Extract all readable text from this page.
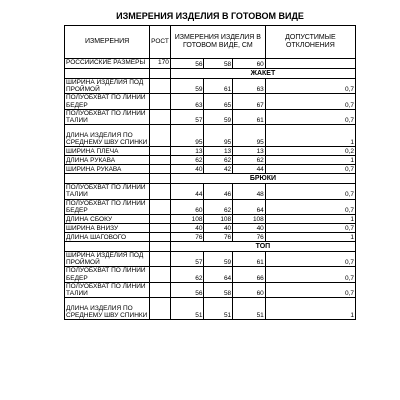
ИЗМЕРЕНИЯ ИЗДЕЛИЯ В ГОТОВОМ ВИДЕ
ИЗМЕРЕНИЯ	РОСТ	ИЗМЕРЕНИЯ ИЗДЕЛИЯ В ГОТОВОМ ВИДЕ, СМ			ДОПУСТИМЫЕ ОТКЛОНЕНИЯ
РОССИЙСКИЕ РАЗМЕРЫ	170	56	58	60	
		ЖАКЕТ			
ШИРИНА ИЗДЕЛИЯ ПОД ПРОЙМОЙ		59	61	63	0,7
ПОЛУОБХВАТ ПО ЛИНИИ БЕДЕР		63	65	67	0,7
ПОЛУОБХВАТ ПО ЛИНИИ ТАЛИИ		57	59	61	0,7
ДЛИНА ИЗДЕЛИЯ ПО СРЕДНЕМУ ШВУ СПИНКИ		95	95	95	1
ШИРИНА ПЛЕЧА		13	13	13	0,2
ДЛИНА РУКАВА		62	62	62	1
ШИРИНА РУКАВА		40	42	44	0,7
		БРЮКИ			
ПОЛУОБХВАТ ПО ЛИНИИ ТАЛИИ		44	46	48	0,7
ПОЛУОБХВАТ ПО ЛИНИИ БЕДЕР		60	62	64	0,7
ДЛИНА СБОКУ		108	108	108	1
ШИРИНА ВНИЗУ		40	40	40	0,7
ДЛИНА ШАГОВОГО		76	76	76	1
		ТОП			
ШИРИНА ИЗДЕЛИЯ ПОД ПРОЙМОЙ		57	59	61	0,7
ПОЛУОБХВАТ ПО ЛИНИИ БЕДЕР		62	64	66	0,7
ПОЛУОБХВАТ ПО ЛИНИИ ТАЛИИ		56	58	60	0,7
ДЛИНА ИЗДЕЛИЯ ПО СРЕДНЕМУ ШВУ СПИНКИ		51	51	51	1
